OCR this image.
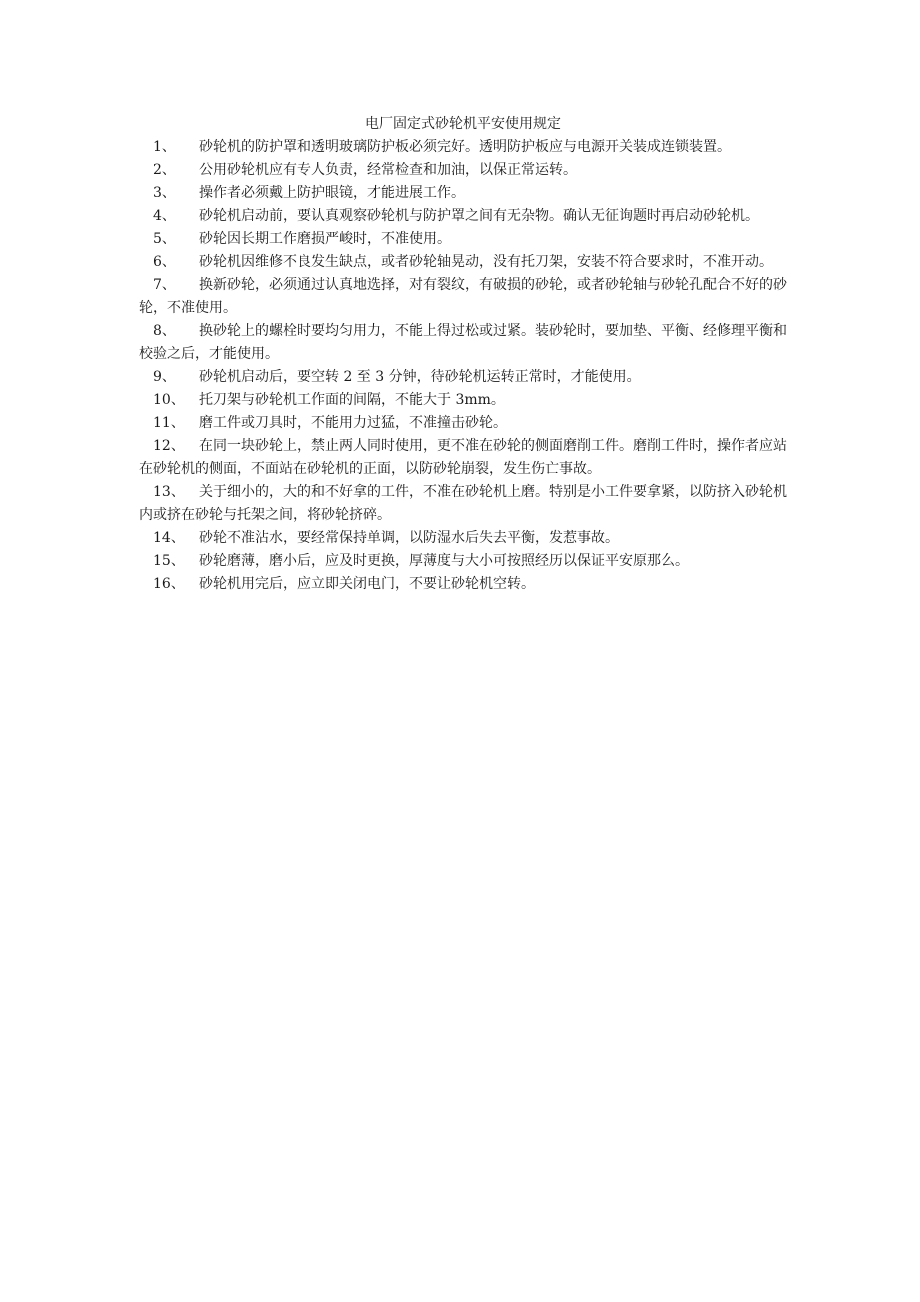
电厂固定式砂轮机平安使用规定
1、 砂轮机的防护罩和透明玻璃防护板必须完好。透明防护板应与电源开关装成连锁装置。
2、 公用砂轮机应有专人负责，经常检查和加油，以保正常运转。
3、 操作者必须戴上防护眼镜，才能进展工作。
4、 砂轮机启动前，要认真观察砂轮机与防护罩之间有无杂物。确认无征询题时再启动砂轮机。
5、 砂轮因长期工作磨损严峻时，不准使用。
6、 砂轮机因维修不良发生缺点，或者砂轮轴晃动，没有托刀架，安装不符合要求时，不准开动。
7、 换新砂轮，必须通过认真地选择，对有裂纹，有破损的砂轮，或者砂轮轴与砂轮孔配合不好的砂轮，不准使用。
8、 换砂轮上的螺栓时要均匀用力，不能上得过松或过紧。装砂轮时，要加垫、平衡、经修理平衡和校验之后，才能使用。
9、 砂轮机启动后，要空转 2 至 3 分钟，待砂轮机运转正常时，才能使用。
10、 托刀架与砂轮机工作面的间隔，不能大于 3mm。
11、 磨工件或刀具时，不能用力过猛，不准撞击砂轮。
12、 在同一块砂轮上，禁止两人同时使用，更不准在砂轮的侧面磨削工件。磨削工件时，操作者应站在砂轮机的侧面，不面站在砂轮机的正面，以防砂轮崩裂，发生伤亡事故。
13、 关于细小的，大的和不好拿的工件，不准在砂轮机上磨。特别是小工件要拿紧，以防挤入砂轮机内或挤在砂轮与托架之间，将砂轮挤碎。
14、 砂轮不准沾水，要经常保持单调，以防湿水后失去平衡，发惹事故。
15、 砂轮磨薄，磨小后，应及时更换，厚薄度与大小可按照经历以保证平安原那么。
16、 砂轮机用完后，应立即关闭电门，不要让砂轮机空转。
